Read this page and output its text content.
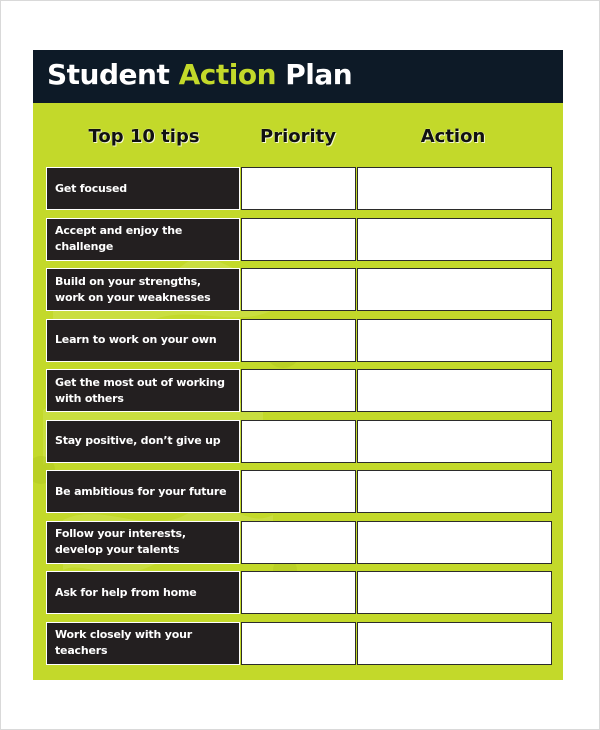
Student Action Plan
Top 10 tips	Priority	Action
Get focused
Accept and enjoy the challenge
Build on your strengths,
work on your weaknesses
Learn to work on your own
Get the most out of working
with others
Stay positive, don’t give up
Be ambitious for your future
Follow your interests,
develop your talents
Ask for help from home
Work closely with your teachers
